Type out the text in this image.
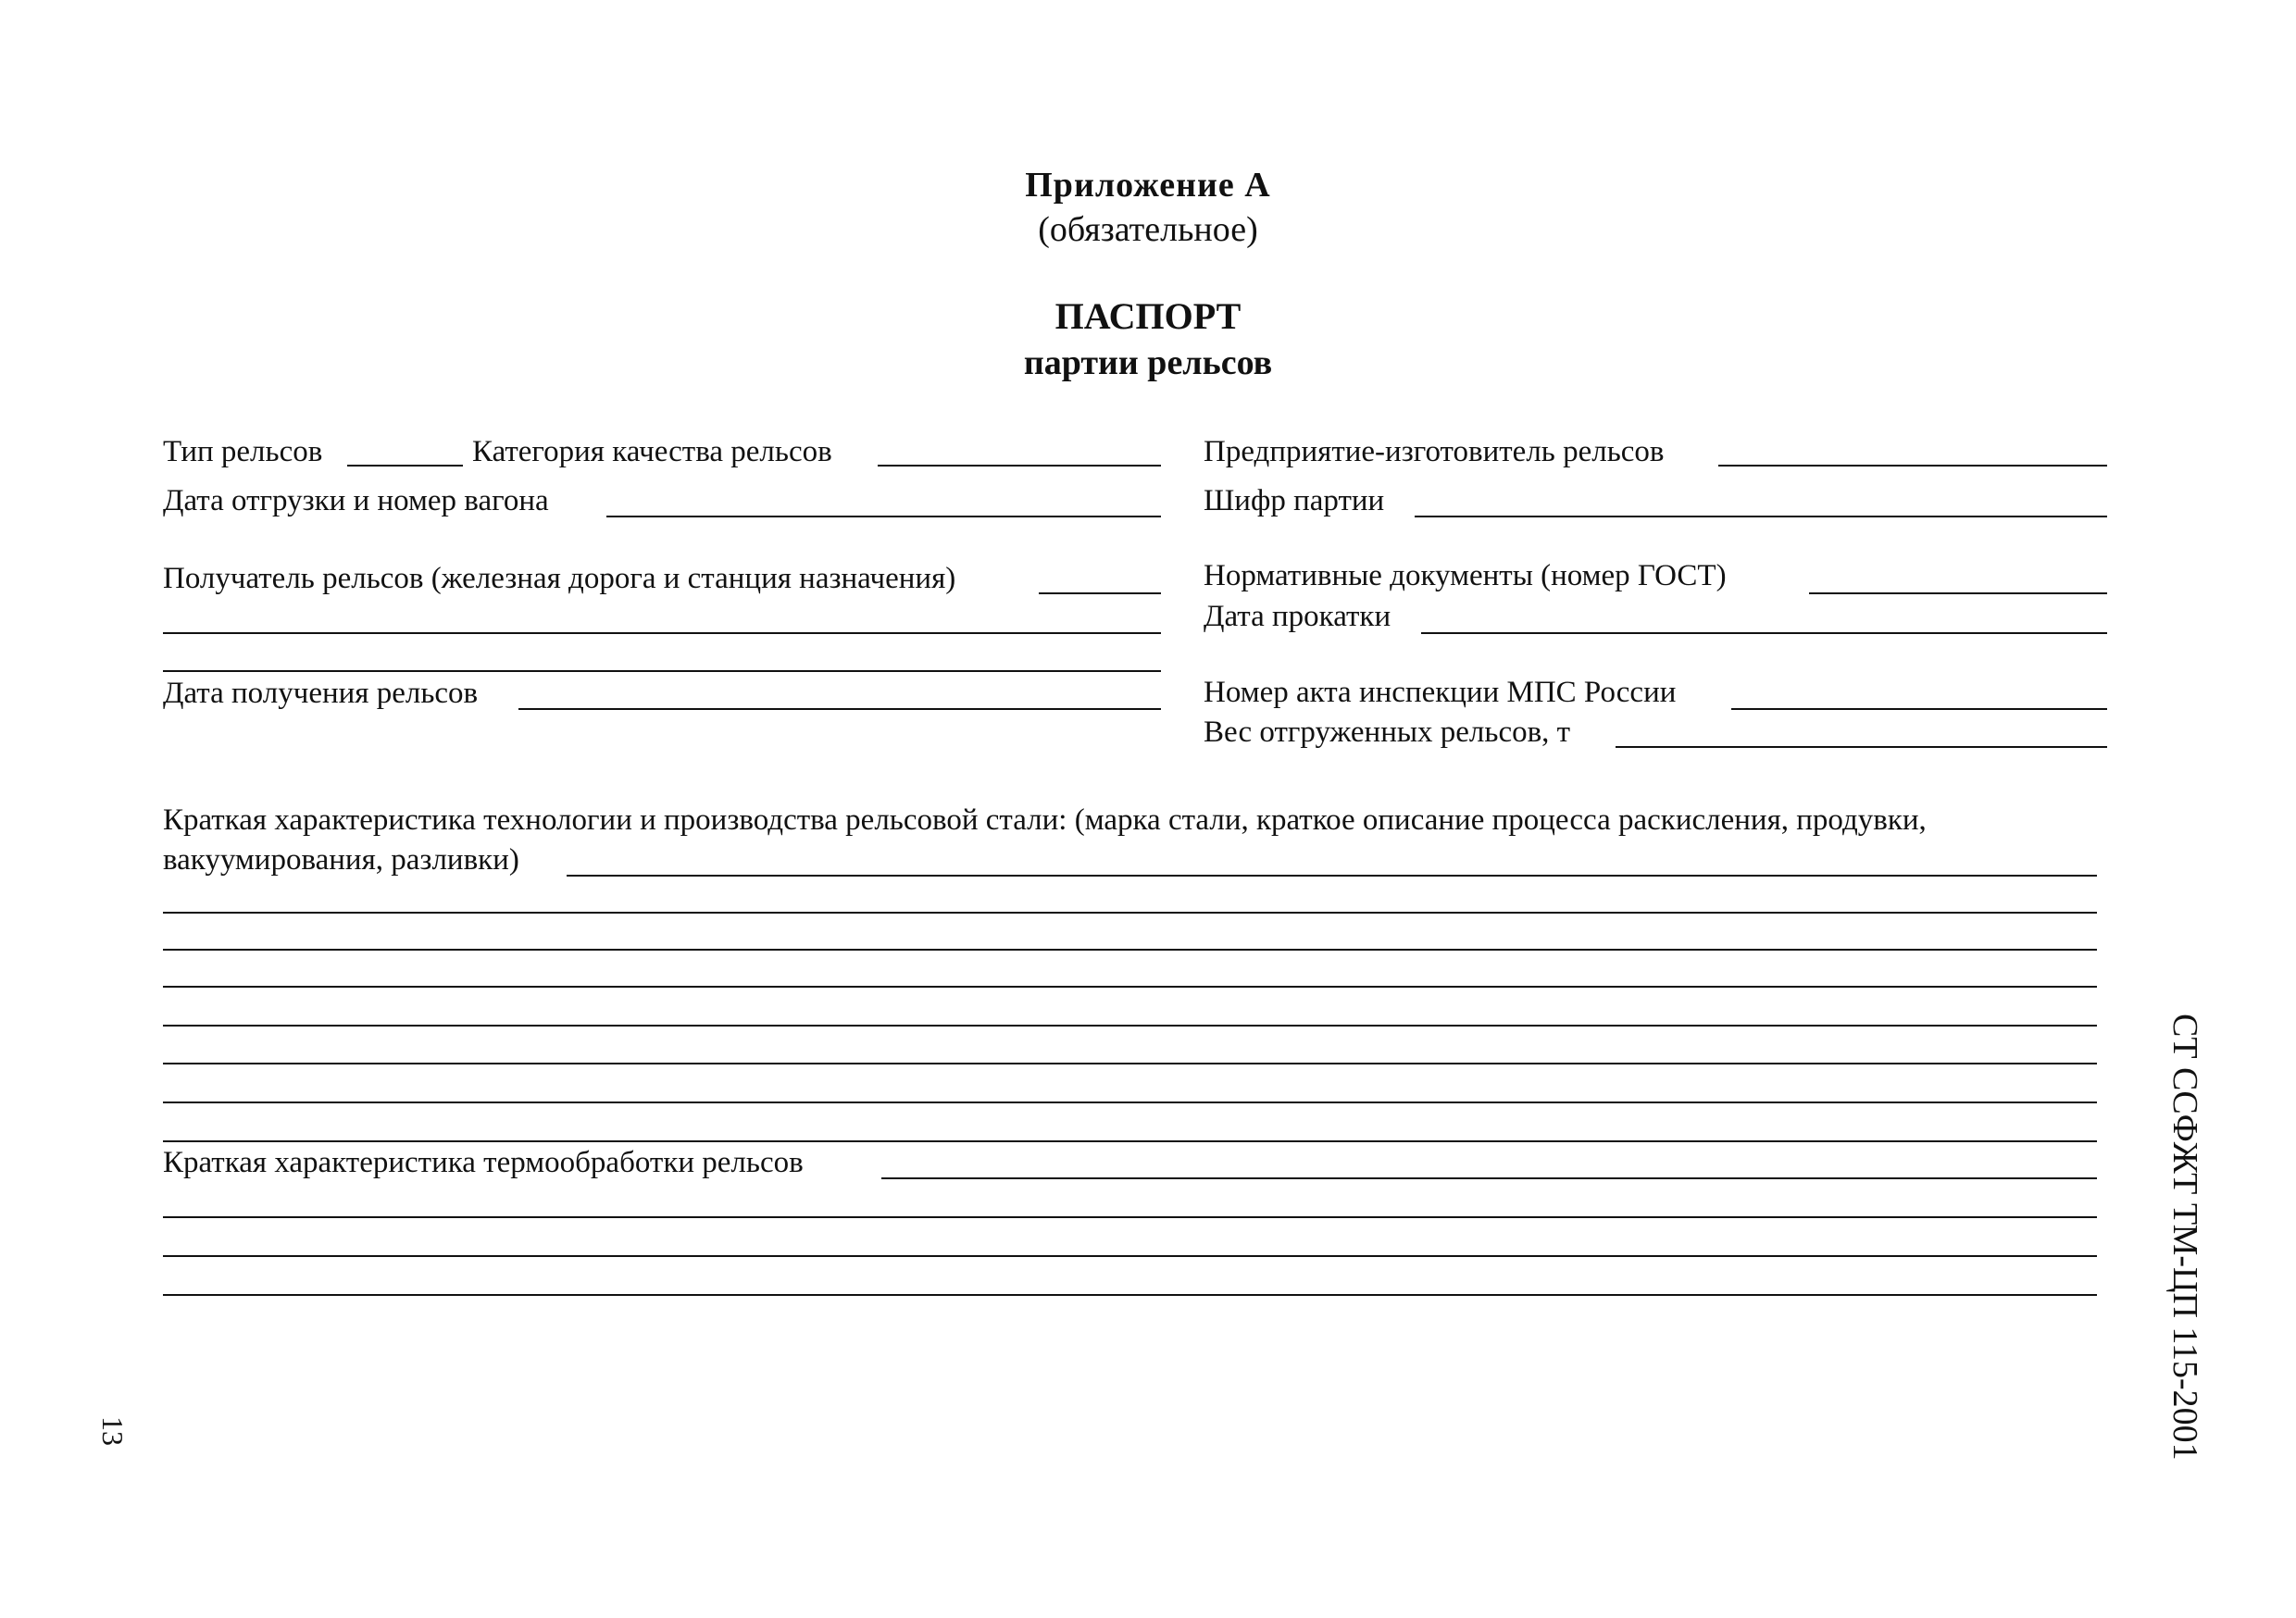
Приложение А
(обязательное)
ПАСПОРТ
партии рельсов
Тип рельсов	Категория качества рельсов
Дата отгрузки и номер вагона
Получатель рельсов (железная дорога и станция назначения)
Дата получения рельсов
Предприятие-изготовитель рельсов
Шифр партии
Нормативные документы (номер ГОСТ)
Дата прокатки
Номер акта инспекции МПС России
Вес отгруженных рельсов, т
Краткая характеристика технологии и производства рельсовой стали: (марка стали, краткое описание процесса раскисления, продувки,
вакуумирования, разливки)
Краткая характеристика термообработки рельсов	СТ ССФЖТ ТМ-ЦП 115-2001
13
